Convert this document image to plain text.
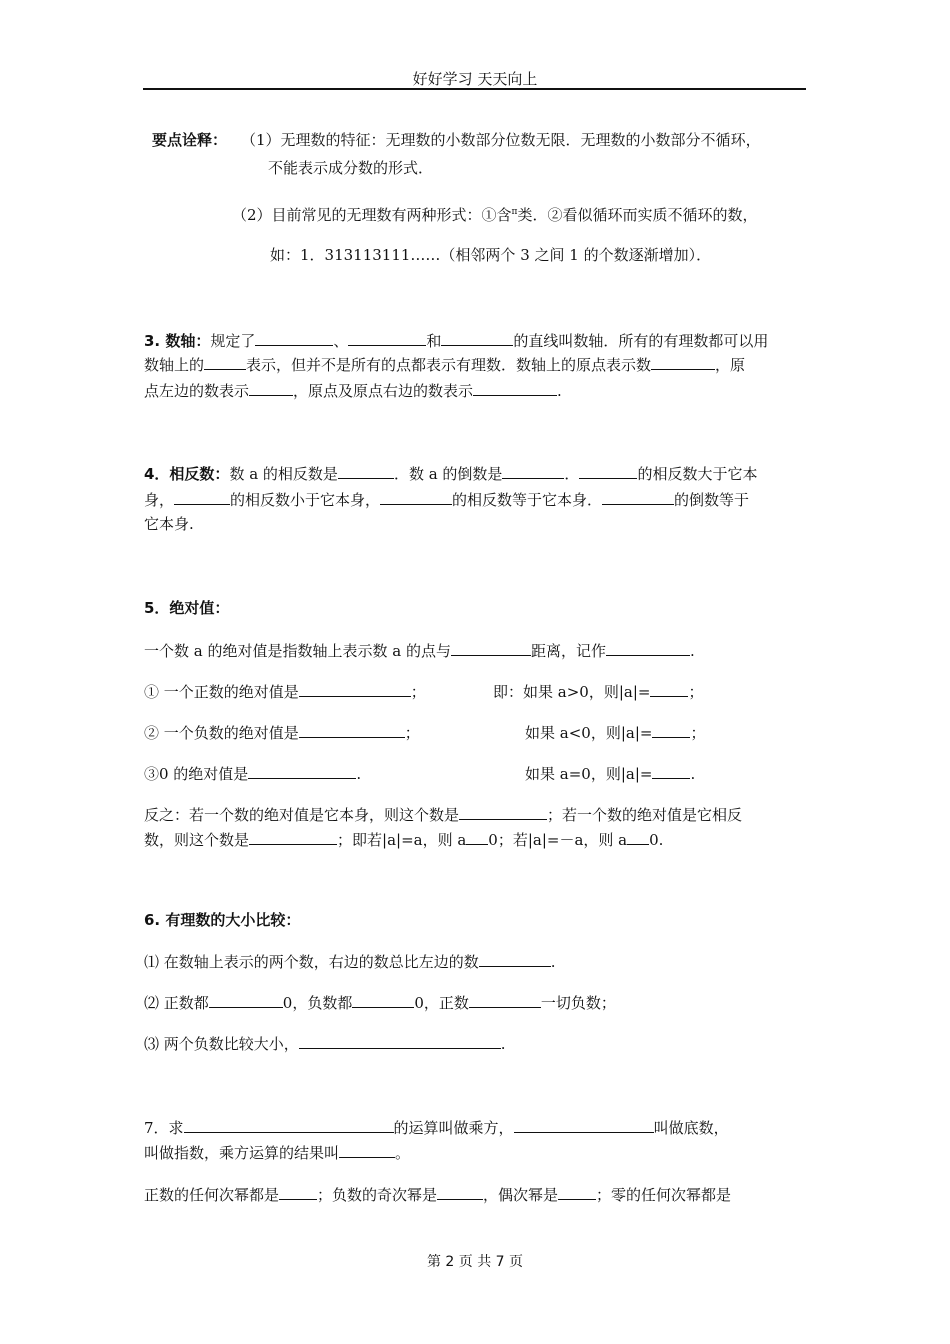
好好学习 天天向上
要点诠释： （1）无理数的特征：无理数的小数部分位数无限．无理数的小数部分不循环，
不能表示成分数的形式．
（2）目前常见的无理数有两种形式：①含$^\pi$类．②看似循环而实质不循环的数，
如：1．313113111……（相邻两个 3 之间 1 的个数逐渐增加）．
3. 数轴：规定了	、	和	的直线叫数轴．所有的有理数都可以用
数轴上的	表示，但并不是所有的点都表示有理数．数轴上的原点表示数	，原
点左边的数表示	，原点及原点右边的数表示	.
4．相反数：数 a 的相反数是	．数 a 的倒数是	．	的相反数大于它本
身，	的相反数小于它本身，	的相反数等于它本身．	的倒数等于
它本身.
5．绝对值：
一个数 a 的绝对值是指数轴上表示数 a 的点与	距离，记作	.
① 一个正数的绝对值是	；	即：如果 a>0，则|a|=	；
② 一个负数的绝对值是	；	如果 a<0，则|a|=	；
③0 的绝对值是	.	如果 a=0，则|a|=	.
反之：若一个数的绝对值是它本身，则这个数是	；若一个数的绝对值是它相反
数，则这个数是	；即若|a|=a，则 a 0；若|a|=－a，则 a 0.
6. 有理数的大小比较：
⑴ 在数轴上表示的两个数，右边的数总比左边的数	.
⑵ 正数都	0，负数都	0，正数	一切负数；
⑶ 两个负数比较大小，	.
7．求	的运算叫做乘方，	叫做底数，
叫做指数，乘方运算的结果叫	。
正数的任何次幂都是	；负数的奇次幂是	，偶次幂是	；零的任何次幂都是
第 2 页 共 7 页
